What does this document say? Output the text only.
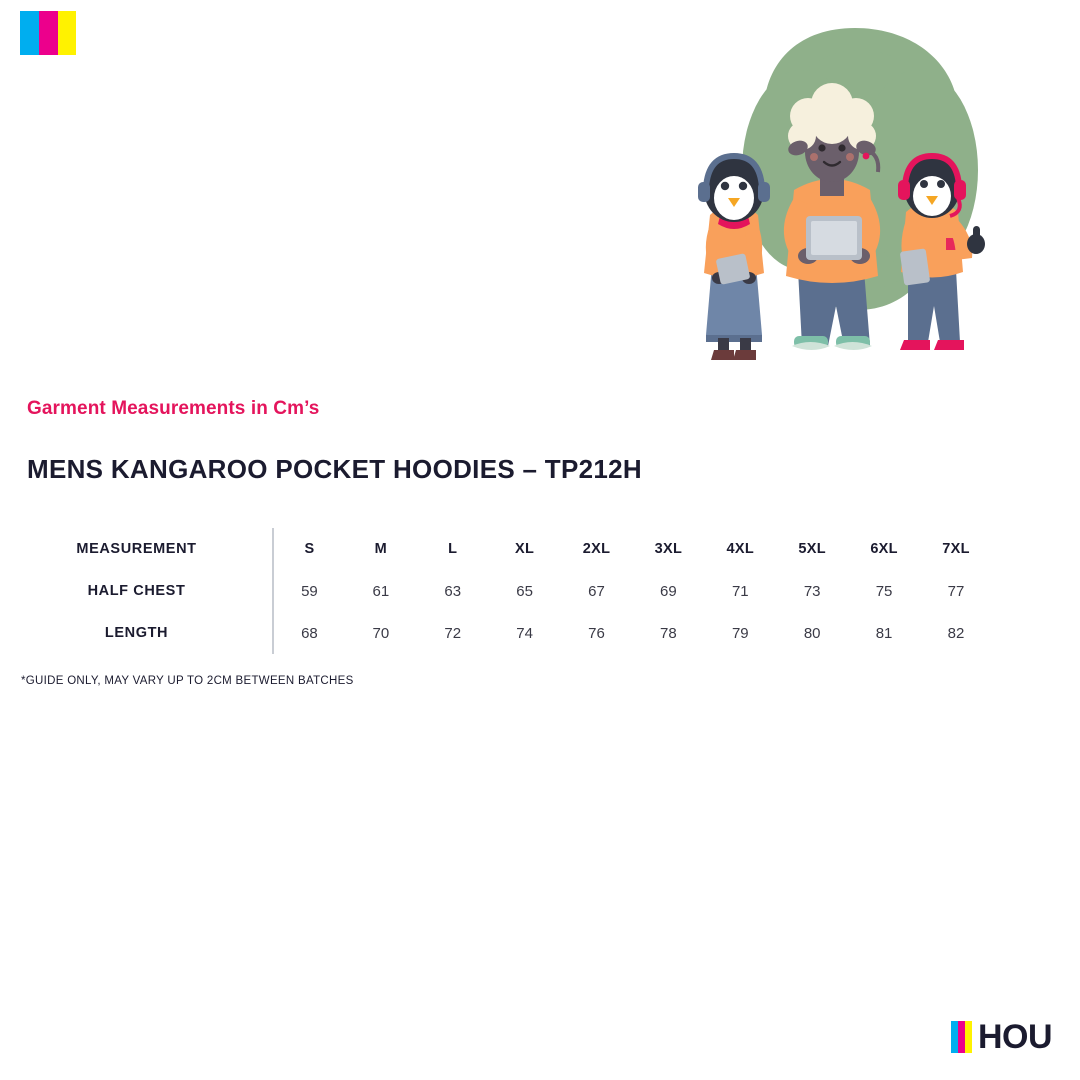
Garment Measurements in Cm’s

MENS KANGAROO POCKET HOODIES – TP212H
MEASUREMENT	S	M	L	XL	2XL	3XL	4XL	5XL	6XL	7XL
HALF CHEST	59	61	63	65	67	69	71	73	75	77
LENGTH	68	70	72	74	76	78	79	80	81	82
*GUIDE ONLY, MAY VARY UP TO 2CM BETWEEN BATCHES
HOU
